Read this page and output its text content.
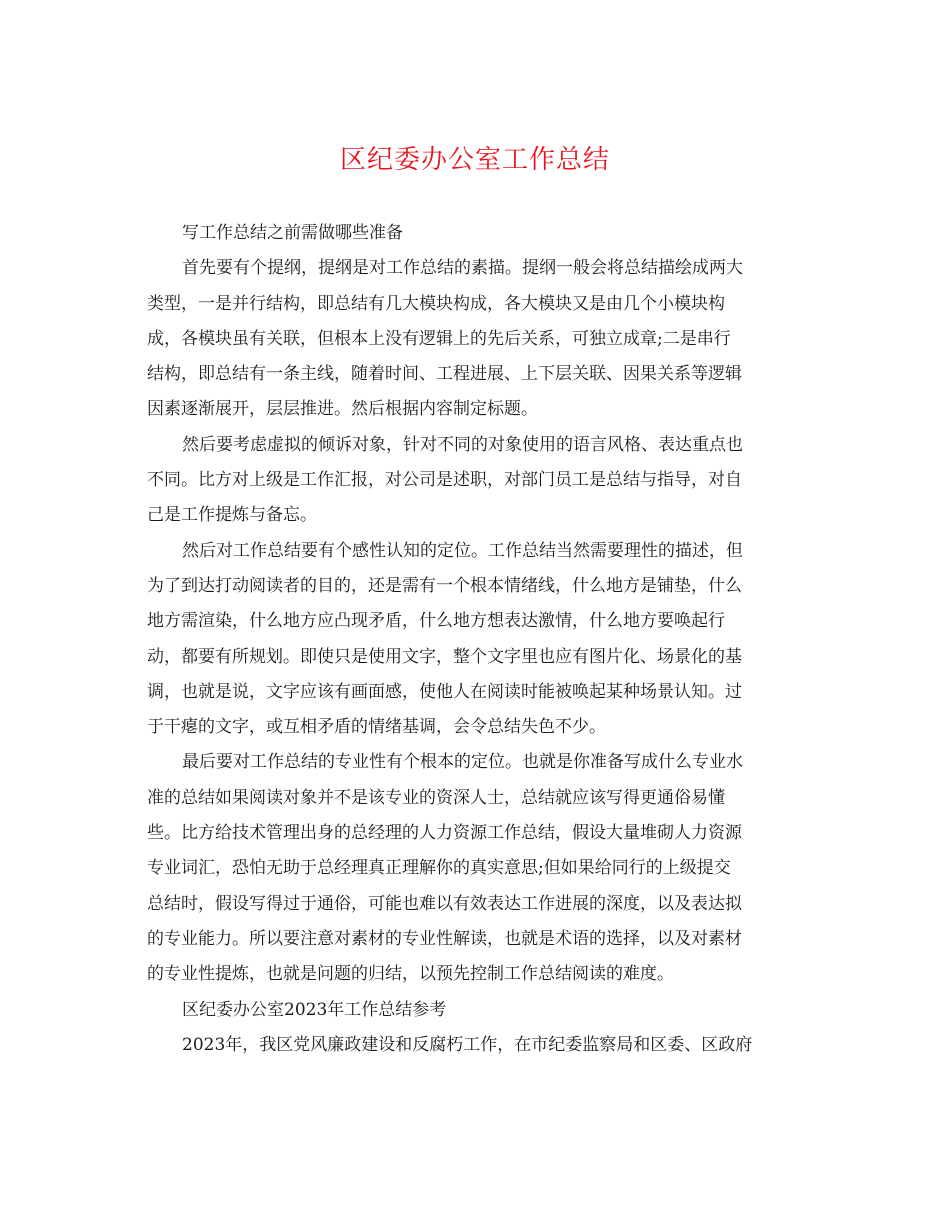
区纪委办公室工作总结
写工作总结之前需做哪些准备
首先要有个提纲，提纲是对工作总结的素描。提纲一般会将总结描绘成两大
类型，一是并行结构，即总结有几大模块构成，各大模块又是由几个小模块构
成，各模块虽有关联，但根本上没有逻辑上的先后关系，可独立成章;二是串行
结构，即总结有一条主线，随着时间、工程进展、上下层关联、因果关系等逻辑
因素逐渐展开，层层推进。然后根据内容制定标题。
然后要考虑虚拟的倾诉对象，针对不同的对象使用的语言风格、表达重点也
不同。比方对上级是工作汇报，对公司是述职，对部门员工是总结与指导，对自
己是工作提炼与备忘。
然后对工作总结要有个感性认知的定位。工作总结当然需要理性的描述，但
为了到达打动阅读者的目的，还是需有一个根本情绪线，什么地方是铺垫，什么
地方需渲染，什么地方应凸现矛盾，什么地方想表达激情，什么地方要唤起行
动，都要有所规划。即使只是使用文字，整个文字里也应有图片化、场景化的基
调，也就是说，文字应该有画面感，使他人在阅读时能被唤起某种场景认知。过
于干瘪的文字，或互相矛盾的情绪基调，会令总结失色不少。
最后要对工作总结的专业性有个根本的定位。也就是你准备写成什么专业水
准的总结如果阅读对象并不是该专业的资深人士，总结就应该写得更通俗易懂
些。比方给技术管理出身的总经理的人力资源工作总结，假设大量堆砌人力资源
专业词汇，恐怕无助于总经理真正理解你的真实意思;但如果给同行的上级提交
总结时，假设写得过于通俗，可能也难以有效表达工作进展的深度，以及表达拟
的专业能力。所以要注意对素材的专业性解读，也就是术语的选择，以及对素材
的专业性提炼，也就是问题的归结，以预先控制工作总结阅读的难度。
区纪委办公室2023年工作总结参考
2023年，我区党风廉政建设和反腐朽工作，在市纪委监察局和区委、区政府
